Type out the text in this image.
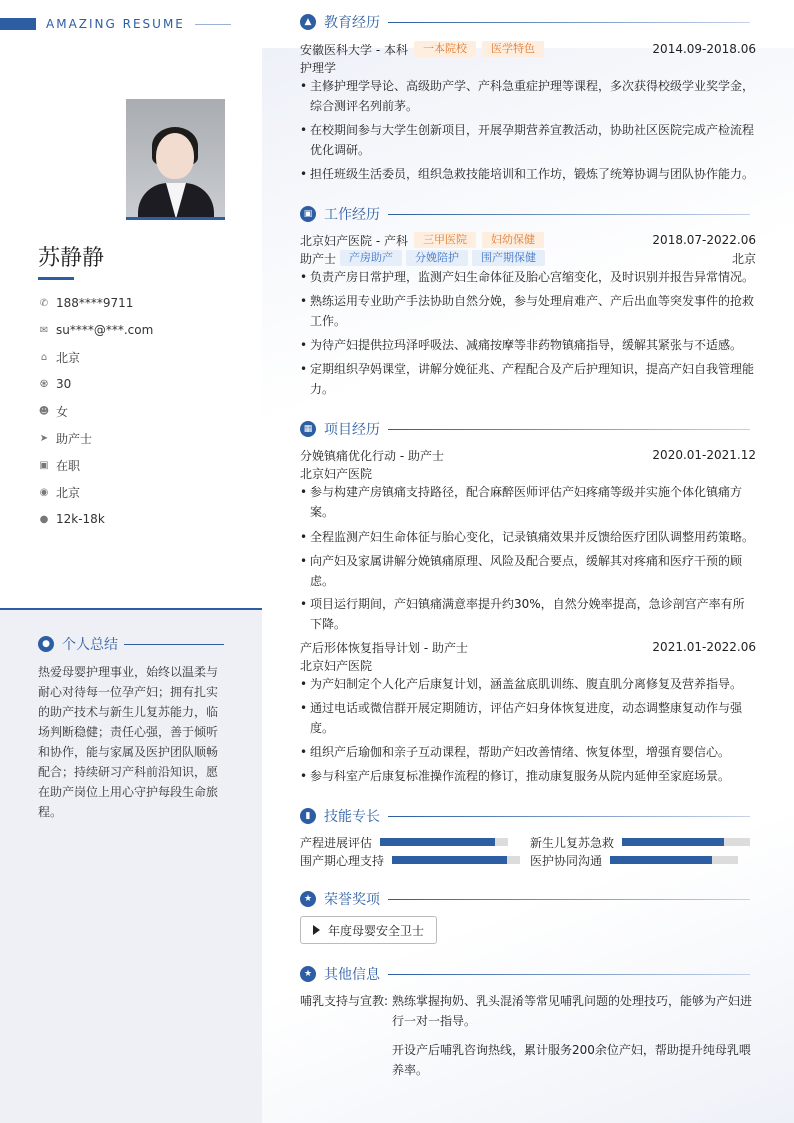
AMAZING RESUME
苏静静
✆ 188****9711
✉ su****@***.com
⌂ 北京
♼ 30
☻ 女
➤ 助产士
▣ 在职
◉ 北京
● 12k-18k
● 个人总结
热爱母婴护理事业，始终以温柔与耐心对待每一位孕产妇；拥有扎实的助产技术与新生儿复苏能力，临场判断稳健；责任心强，善于倾听和协作，能与家属及医护团队顺畅配合；持续研习产科前沿知识，愿在助产岗位上用心守护每段生命旅程。
▲ 教育经历
安徽医科大学 - 本科	一本院校	医学特色	2014.09-2018.06
护理学
• 主修护理学导论、高级助产学、产科急重症护理等课程，多次获得校级学业奖学金，综合测评名列前茅。
• 在校期间参与大学生创新项目，开展孕期营养宣教活动，协助社区医院完成产检流程优化调研。
• 担任班级生活委员，组织急救技能培训和工作坊，锻炼了统筹协调与团队协作能力。
▣ 工作经历
北京妇产医院 - 产科	三甲医院	妇幼保健	2018.07-2022.06
助产士	产房助产	分娩陪护	围产期保健	北京
• 负责产房日常护理，监测产妇生命体征及胎心宫缩变化，及时识别并报告异常情况。
• 熟练运用专业助产手法协助自然分娩，参与处理肩难产、产后出血等突发事件的抢救工作。
• 为待产妇提供拉玛泽呼吸法、减痛按摩等非药物镇痛指导，缓解其紧张与不适感。
• 定期组织孕妈课堂，讲解分娩征兆、产程配合及产后护理知识，提高产妇自我管理能力。
▦ 项目经历
分娩镇痛优化行动 - 助产士	2020.01-2021.12
北京妇产医院
• 参与构建产房镇痛支持路径，配合麻醉医师评估产妇疼痛等级并实施个体化镇痛方案。
• 全程监测产妇生命体征与胎心变化，记录镇痛效果并反馈给医疗团队调整用药策略。
• 向产妇及家属讲解分娩镇痛原理、风险及配合要点，缓解其对疼痛和医疗干预的顾虑。
• 项目运行期间，产妇镇痛满意率提升约30%，自然分娩率提高，急诊剖宫产率有所下降。
产后形体恢复指导计划 - 助产士	2021.01-2022.06
北京妇产医院
• 为产妇制定个人化产后康复计划，涵盖盆底肌训练、腹直肌分离修复及营养指导。
• 通过电话或微信群开展定期随访，评估产妇身体恢复进度，动态调整康复动作与强度。
• 组织产后瑜伽和亲子互动课程，帮助产妇改善情绪、恢复体型，增强育婴信心。
• 参与科室产后康复标准操作流程的修订，推动康复服务从院内延伸至家庭场景。
▮ 技能专长
产程进展评估	新生儿复苏急救
围产期心理支持	医护协同沟通
★ 荣誉奖项
年度母婴安全卫士
★ 其他信息
哺乳支持与宣教: 熟练掌握拘奶、乳头混淆等常见哺乳问题的处理技巧，能够为产妇进行一对一指导。
开设产后哺乳咨询热线，累计服务200余位产妇，帮助提升纯母乳喂养率。
